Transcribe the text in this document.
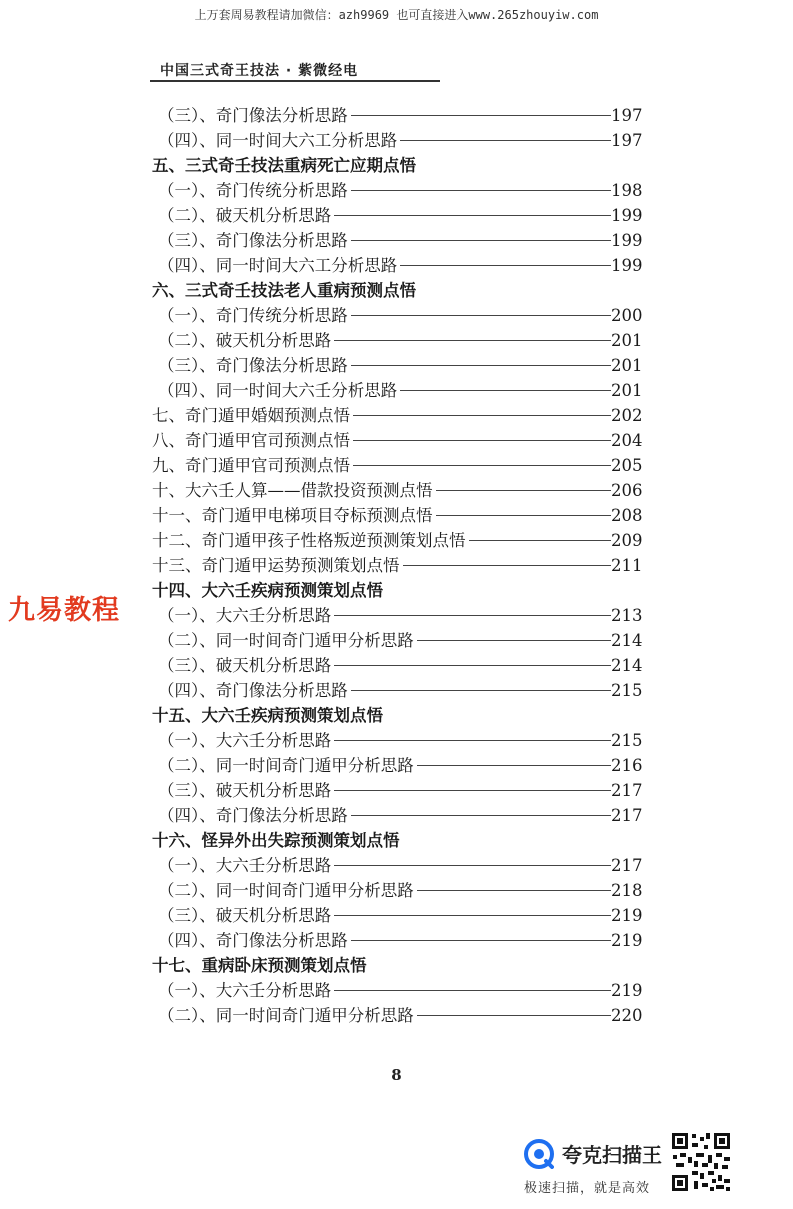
上万套周易教程请加微信：azh9969 也可直接进入www.265zhouyiw.com
中国三式奇王技法 · 紫微经电
（三）、奇门像法分析思路	197
（四）、同一时间大六工分析思路	197
五、三式奇壬技法重病死亡应期点悟
（一）、奇门传统分析思路	198
（二）、破天机分析思路	199
（三）、奇门像法分析思路	199
（四）、同一时间大六工分析思路	199
六、三式奇壬技法老人重病预测点悟
（一）、奇门传统分析思路	200
（二）、破天机分析思路	201
（三）、奇门像法分析思路	201
（四）、同一时间大六壬分析思路	201
七、奇门遁甲婚姻预测点悟	202
八、奇门遁甲官司预测点悟	204
九、奇门遁甲官司预测点悟	205
十、大六壬人算——借款投资预测点悟	206
十一、奇门遁甲电梯项目夺标预测点悟	208
十二、奇门遁甲孩子性格叛逆预测策划点悟	209
十三、奇门遁甲运势预测策划点悟	211
十四、大六壬疾病预测策划点悟
（一）、大六壬分析思路	213
（二）、同一时间奇门遁甲分析思路	214
（三）、破天机分析思路	214
（四）、奇门像法分析思路	215
十五、大六壬疾病预测策划点悟
（一）、大六壬分析思路	215
（二）、同一时间奇门遁甲分析思路	216
（三）、破天机分析思路	217
（四）、奇门像法分析思路	217
十六、怪异外出失踪预测策划点悟
（一）、大六壬分析思路	217
（二）、同一时间奇门遁甲分析思路	218
（三）、破天机分析思路	219
（四）、奇门像法分析思路	219
十七、重病卧床预测策划点悟
（一）、大六壬分析思路	219
（二）、同一时间奇门遁甲分析思路	220
九易教程
8
夸克扫描王
极速扫描，就是高效
